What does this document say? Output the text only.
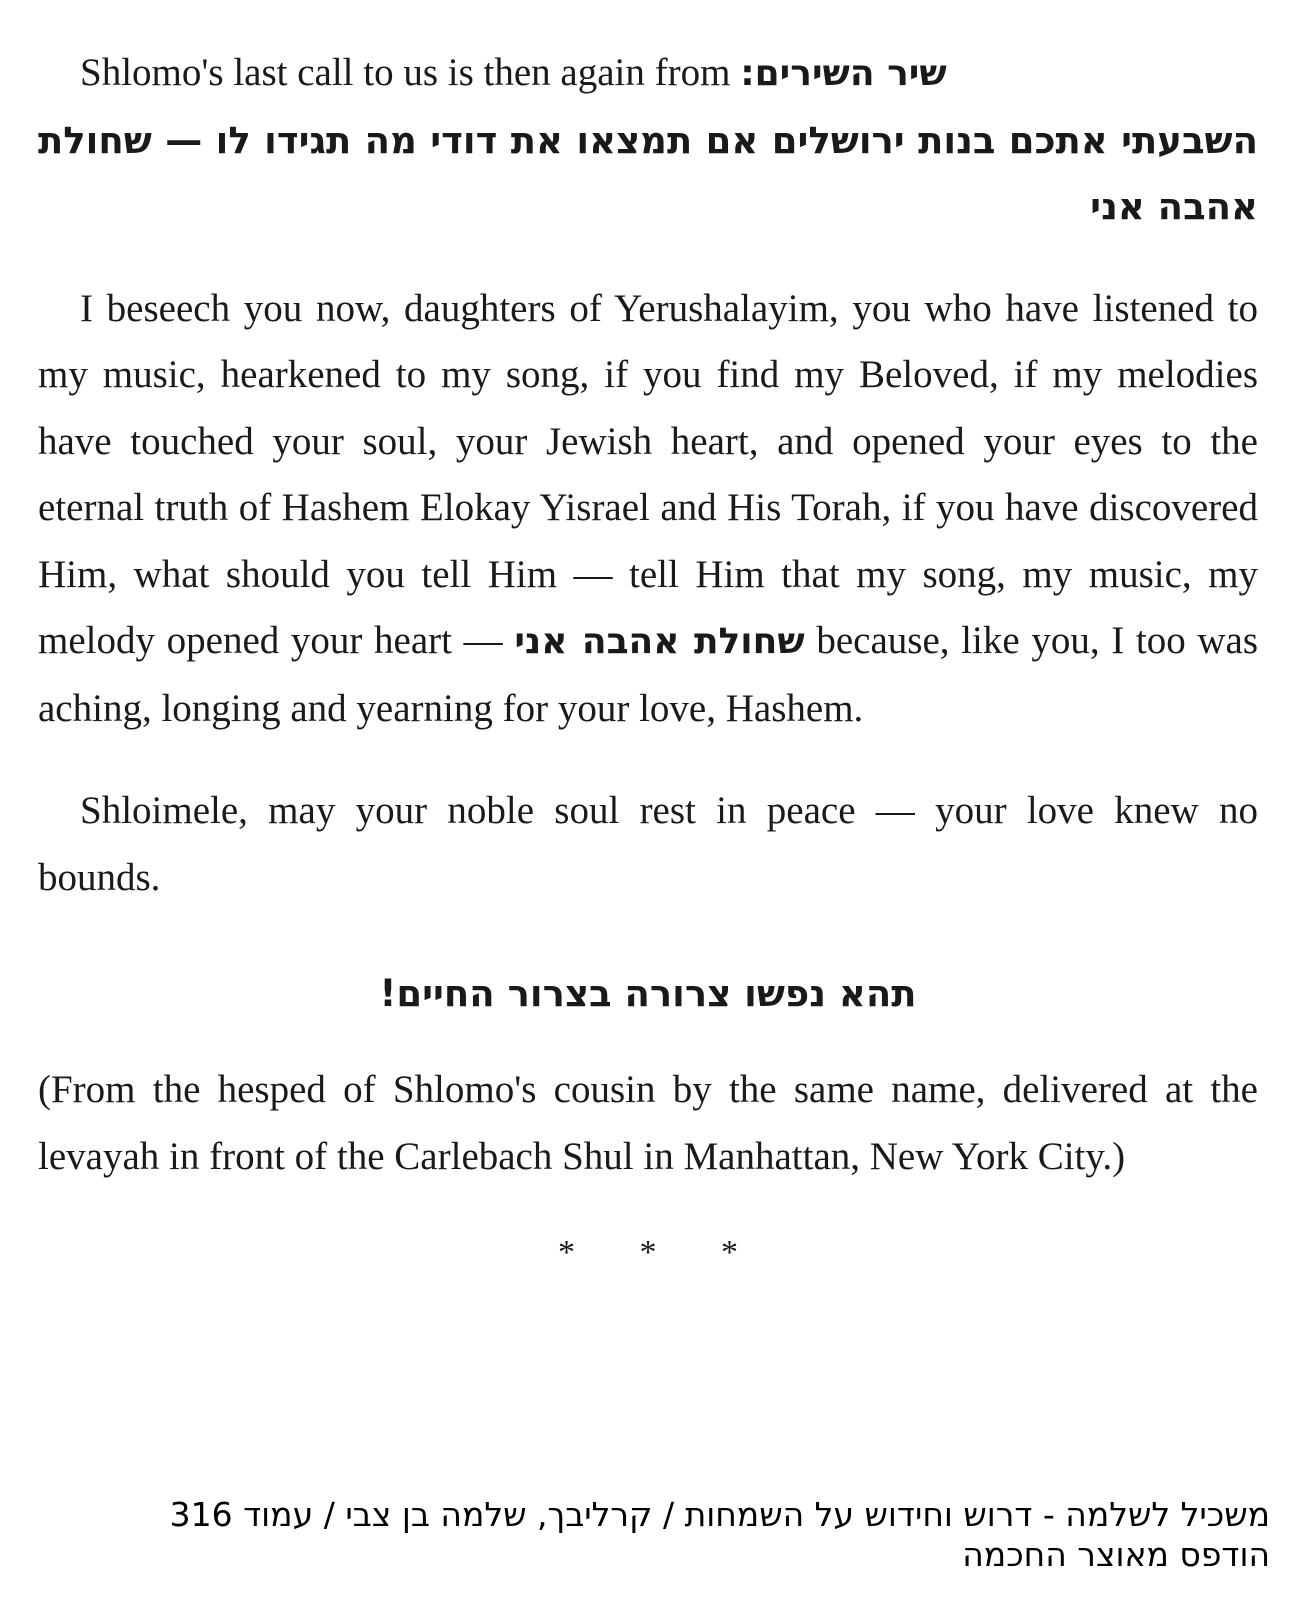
Shlomo's last call to us is then again from שיר השירים:

השבעתי אתכם בנות ירושלים אם תמצאו את דודי מה תגידו לו — שחולת אהבה אני

I beseech you now, daughters of Yerushalayim, you who have listened to my music, hearkened to my song, if you find my Beloved, if my melodies have touched your soul, your Jewish heart, and opened your eyes to the eternal truth of Hashem Elokay Yisrael and His Torah, if you have discovered Him, what should you tell Him — tell Him that my song, my music, my melody opened your heart — שחולת אהבה אני because, like you, I too was aching, longing and yearning for your love, Hashem.

Shloimele, may your noble soul rest in peace — your love knew no bounds.

תהא נפשו צרורה בצרור החיים!

(From the hesped of Shlomo's cousin by the same name, delivered at the levayah in front of the Carlebach Shul in Manhattan, New York City.)

* * *

משכיל לשלמה - דרוש וחידוש על השמחות / קרליבך, שלמה בן צבי / עמוד 316
הודפס מאוצר החכמה
